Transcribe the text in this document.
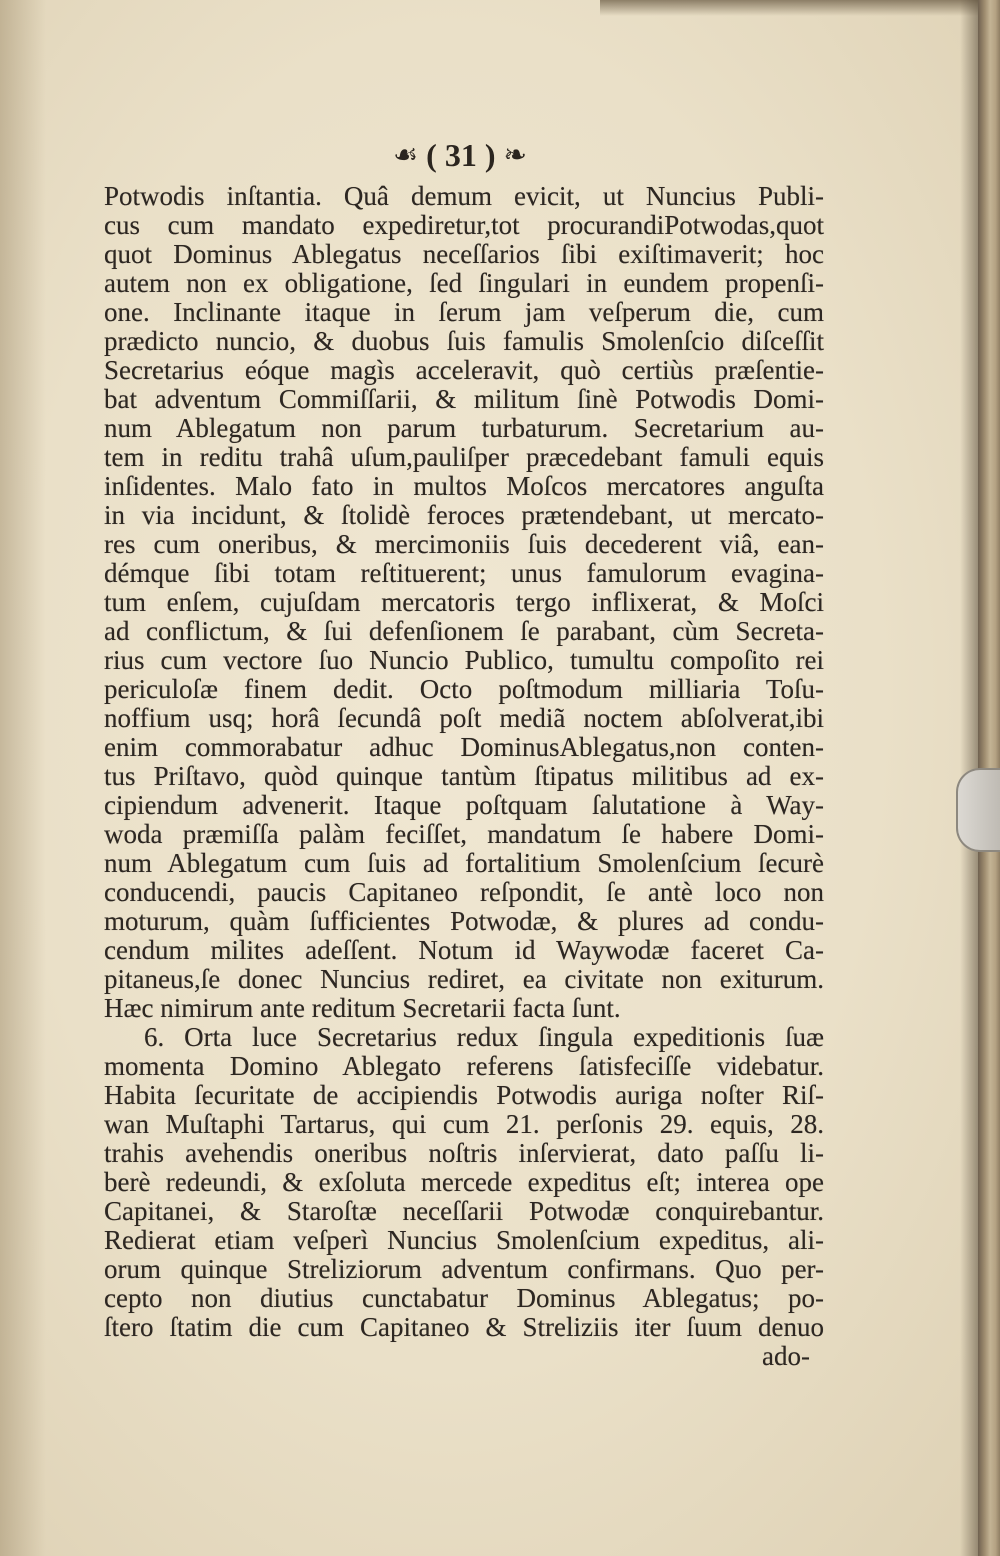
☙ ( 31 ) ❧
Potwodis inſtantia. Quâ demum evicit, ut Nuncius Publi-
cus cum mandato expediretur,tot procurandiPotwodas,quot
quot Dominus Ablegatus neceſſarios ſibi exiſtimaverit; hoc
autem non ex obligatione, ſed ſingulari in eundem propenſi-
one. Inclinante itaque in ſerum jam veſperum die, cum
prædicto nuncio, & duobus ſuis famulis Smolenſcio diſceſſit
Secretarius eóque magìs acceleravit, quò certiùs præſentie-
bat adventum Commiſſarii, & militum ſinè Potwodis Domi-
num Ablegatum non parum turbaturum. Secretarium au-
tem in reditu trahâ uſum,pauliſper præcedebant famuli equis
inſidentes. Malo fato in multos Moſcos mercatores anguſta
in via incidunt, & ſtolidè feroces prætendebant, ut mercato-
res cum oneribus, & mercimoniis ſuis decederent viâ, ean-
démque ſibi totam reſtituerent; unus famulorum evagina-
tum enſem, cujuſdam mercatoris tergo inflixerat, & Moſci
ad conflictum, & ſui defenſionem ſe parabant, cùm Secreta-
rius cum vectore ſuo Nuncio Publico, tumultu compoſito rei
periculoſæ finem dedit. Octo poſtmodum milliaria Toſu-
noffium usq; horâ ſecundâ poſt mediã noctem abſolverat,ibi
enim commorabatur adhuc DominusAblegatus,non conten-
tus Priſtavo, quòd quinque tantùm ſtipatus militibus ad ex-
cipiendum advenerit. Itaque poſtquam ſalutatione à Way-
woda præmiſſa palàm feciſſet, mandatum ſe habere Domi-
num Ablegatum cum ſuis ad fortalitium Smolenſcium ſecurè
conducendi, paucis Capitaneo reſpondit, ſe antè loco non
moturum, quàm ſufficientes Potwodæ, & plures ad condu-
cendum milites adeſſent. Notum id Waywodæ faceret Ca-
pitaneus,ſe donec Nuncius rediret, ea civitate non exiturum.
Hæc nimirum ante reditum Secretarii facta ſunt.
6. Orta luce Secretarius redux ſingula expeditionis ſuæ
momenta Domino Ablegato referens ſatisfeciſſe videbatur.
Habita ſecuritate de accipiendis Potwodis auriga noſter Riſ-
wan Muſtaphi Tartarus, qui cum 21. perſonis 29. equis, 28.
trahis avehendis oneribus noſtris inſervierat, dato paſſu li-
berè redeundi, & exſoluta mercede expeditus eſt; interea ope
Capitanei, & Staroſtæ neceſſarii Potwodæ conquirebantur.
Redierat etiam veſperì Nuncius Smolenſcium expeditus, ali-
orum quinque Streliziorum adventum confirmans. Quo per-
cepto non diutius cunctabatur Dominus Ablegatus; po-
ſtero ſtatim die cum Capitaneo & Streliziis iter ſuum denuo
ado-
